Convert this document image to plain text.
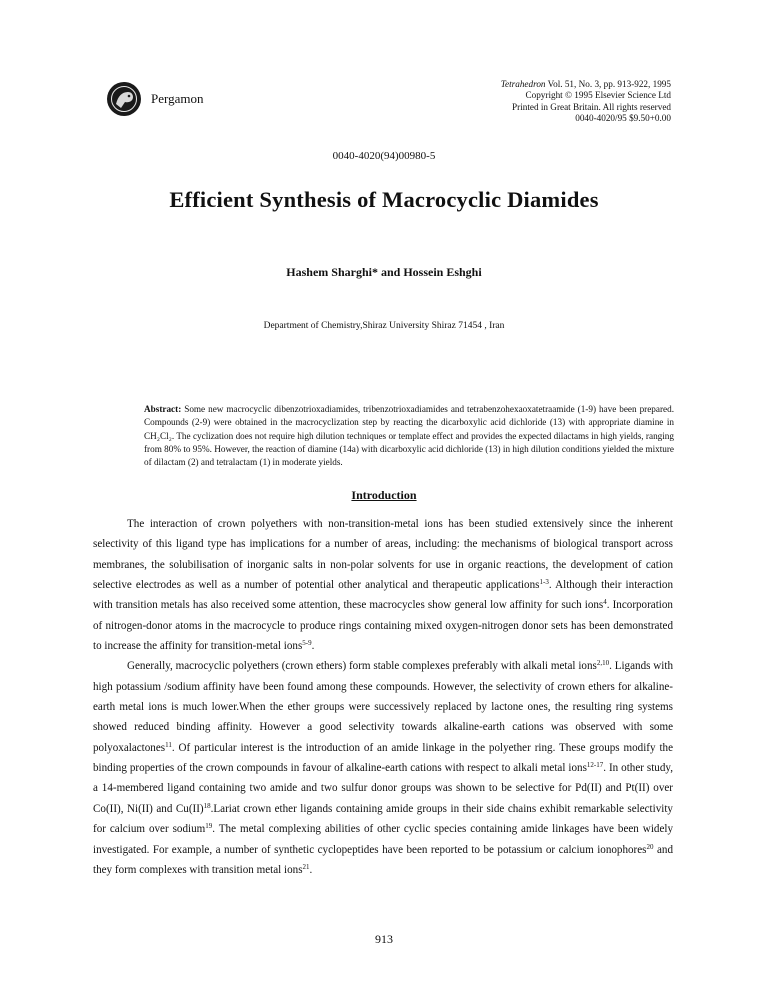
Pergamon
Tetrahedron Vol. 51, No. 3, pp. 913-922, 1995
Copyright © 1995 Elsevier Science Ltd
Printed in Great Britain. All rights reserved
0040-4020/95 $9.50+0.00
0040-4020(94)00980-5
Efficient Synthesis of Macrocyclic Diamides
Hashem Sharghi* and Hossein Eshghi
Department of Chemistry,Shiraz University Shiraz 71454 , Iran
Abstract: Some new macrocyclic dibenzotrioxadiamides, tribenzotrioxadiamides and tetrabenzohexaoxatetraamide (1-9) have been prepared. Compounds (2-9) were obtained in the macrocyclization step by reacting the dicarboxylic acid dichloride (13) with appropriate diamine in CH₂Cl₂. The cyclization does not require high dilution techniques or template effect and provides the expected dilactams in high yields, ranging from 80% to 95%. However, the reaction of diamine (14a) with dicarboxylic acid dichloride (13) in high dilution conditions yielded the mixture of dilactam (2) and tetralactam (1) in moderate yields.
Introduction

The interaction of crown polyethers with non-transition-metal ions has been studied extensively since the inherent selectivity of this ligand type has implications for a number of areas, including: the mechanisms of biological transport across membranes, the solubilisation of inorganic salts in non-polar solvents for use in organic reactions, the development of cation selective electrodes as well as a number of potential other analytical and therapeutic applications$^{1-3}$. Although their interaction with transition metals has also received some attention, these macrocycles show general low affinity for such ions$^4$. Incorporation of nitrogen-donor atoms in the macrocycle to produce rings containing mixed oxygen-nitrogen donor sets has been demonstrated to increase the affinity for transition-metal ions$^{5-9}$.

Generally, macrocyclic polyethers (crown ethers) form stable complexes preferably with alkali metal ions$^{2,10}$. Ligands with high potassium /sodium affinity have been found among these compounds. However, the selectivity of crown ethers for alkaline-earth metal ions is much lower.When the ether groups were successively replaced by lactone ones, the resulting ring systems showed reduced binding affinity. However a good selectivity towards alkaline-earth cations was observed with some polyoxalactones$^{11}$. Of particular interest is the introduction of an amide linkage in the polyether ring. These groups modify the binding properties of the crown compounds in favour of alkaline-earth cations with respect to alkali metal ions$^{12-17}$. In other study, a 14-membered ligand containing two amide and two sulfur donor groups was shown to be selective for Pd(II) and Pt(II) over Co(II), Ni(II) and Cu(II)$^{18}$.Lariat crown ether ligands containing amide groups in their side chains exhibit remarkable selectivity for calcium over sodium$^{19}$. The metal complexing abilities of other cyclic species containing amide linkages have been widely investigated. For example, a number of synthetic cyclopeptides have been reported to be potassium or calcium ionophores$^{20}$ and they form complexes with transition metal ions$^{21}$.

913
